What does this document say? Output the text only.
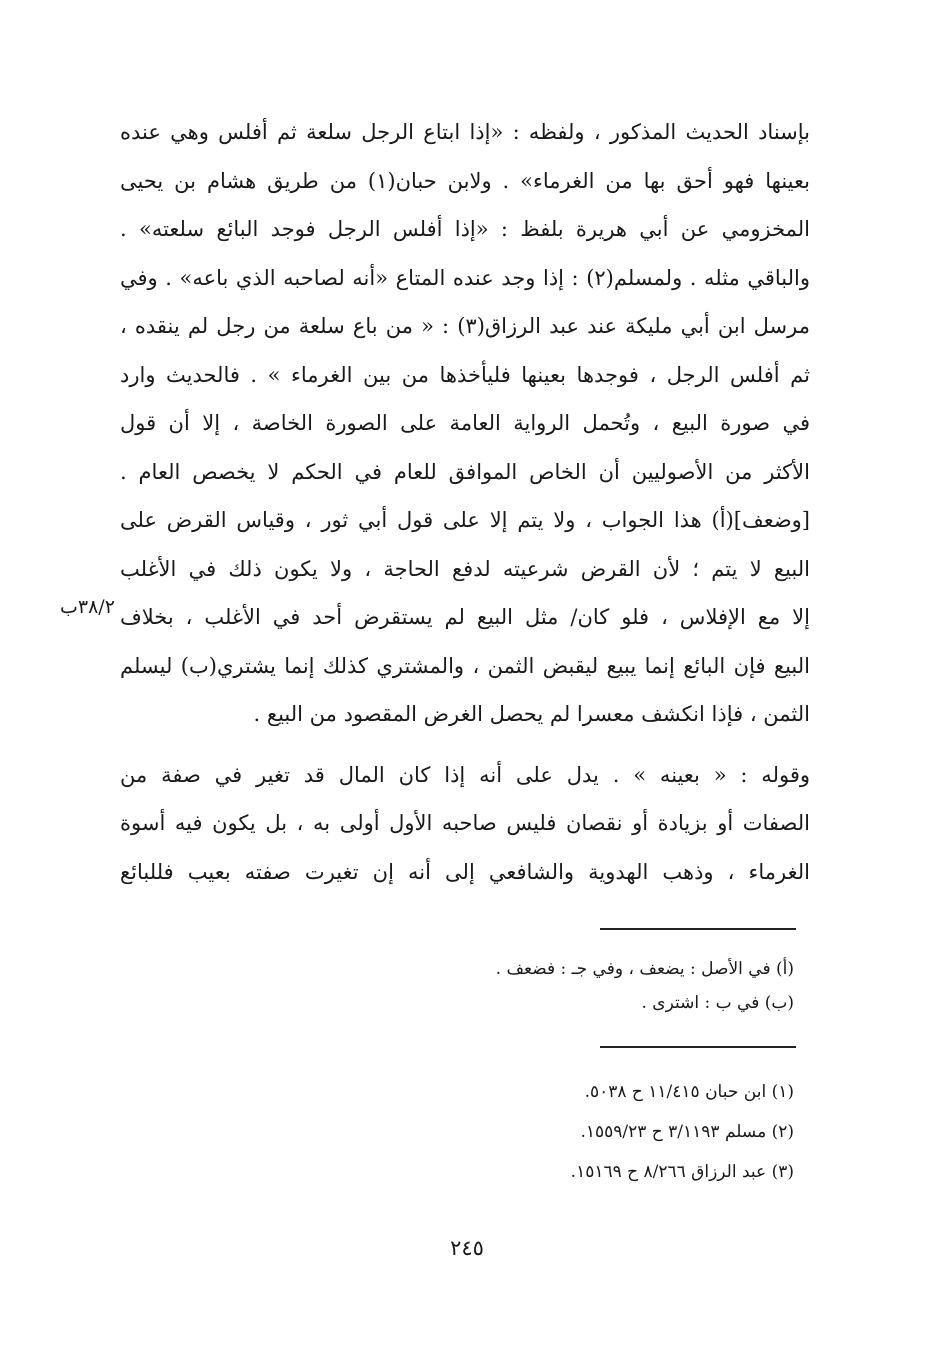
بإسناد الحديث المذكور ، ولفظه : «إذا ابتاع الرجل سلعة ثم أفلس وهي عنده
بعينها فهو أحق بها من الغرماء» . ولابن حبان(١) من طريق هشام بن يحيى
المخزومي عن أبي هريرة بلفظ : «إذا أفلس الرجل فوجد البائع سلعته» .
والباقي مثله . ولمسلم(٢) : إذا وجد عنده المتاع «أنه لصاحبه الذي باعه» . وفي
مرسل ابن أبي مليكة عند عبد الرزاق(٣) : « من باع سلعة من رجل لم ينقده ،
ثم أفلس الرجل ، فوجدها بعينها فليأخذها من بين الغرماء » . فالحديث وارد
في صورة البيع ، وتُحمل الرواية العامة على الصورة الخاصة ، إلا أن قول
الأكثر من الأصوليين أن الخاص الموافق للعام في الحكم لا يخصص العام .
[وضعف](أ) هذا الجواب ، ولا يتم إلا على قول أبي ثور ، وقياس القرض على
البيع لا يتم ؛ لأن القرض شرعيته لدفع الحاجة ، ولا يكون ذلك في الأغلب
إلا مع الإفلاس ، فلو كان/ مثل البيع لم يستقرض أحد في الأغلب ، بخلاف
البيع فإن البائع إنما يبيع ليقبض الثمن ، والمشتري كذلك إنما يشتري(ب) ليسلم
الثمن ، فإذا انكشف معسرا لم يحصل الغرض المقصود من البيع .
وقوله : « بعينه » . يدل على أنه إذا كان المال قد تغير في صفة من
الصفات أو بزيادة أو نقصان فليس صاحبه الأول أولى به ، بل يكون فيه أسوة
الغرماء ، وذهب الهدوية والشافعي إلى أنه إن تغيرت صفته بعيب فللبائع
٣٨/٢ب
(أ) في الأصل : يضعف ، وفي جـ : فضعف .
(ب) في ب : اشترى .
(١) ابن حبان ١١/٤١٥ ح ٥٠٣٨.
(٢) مسلم ٣/١١٩٣ ح ١٥٥٩/٢٣.
(٣) عبد الرزاق ٨/٢٦٦ ح ١٥١٦٩.
٢٤٥
